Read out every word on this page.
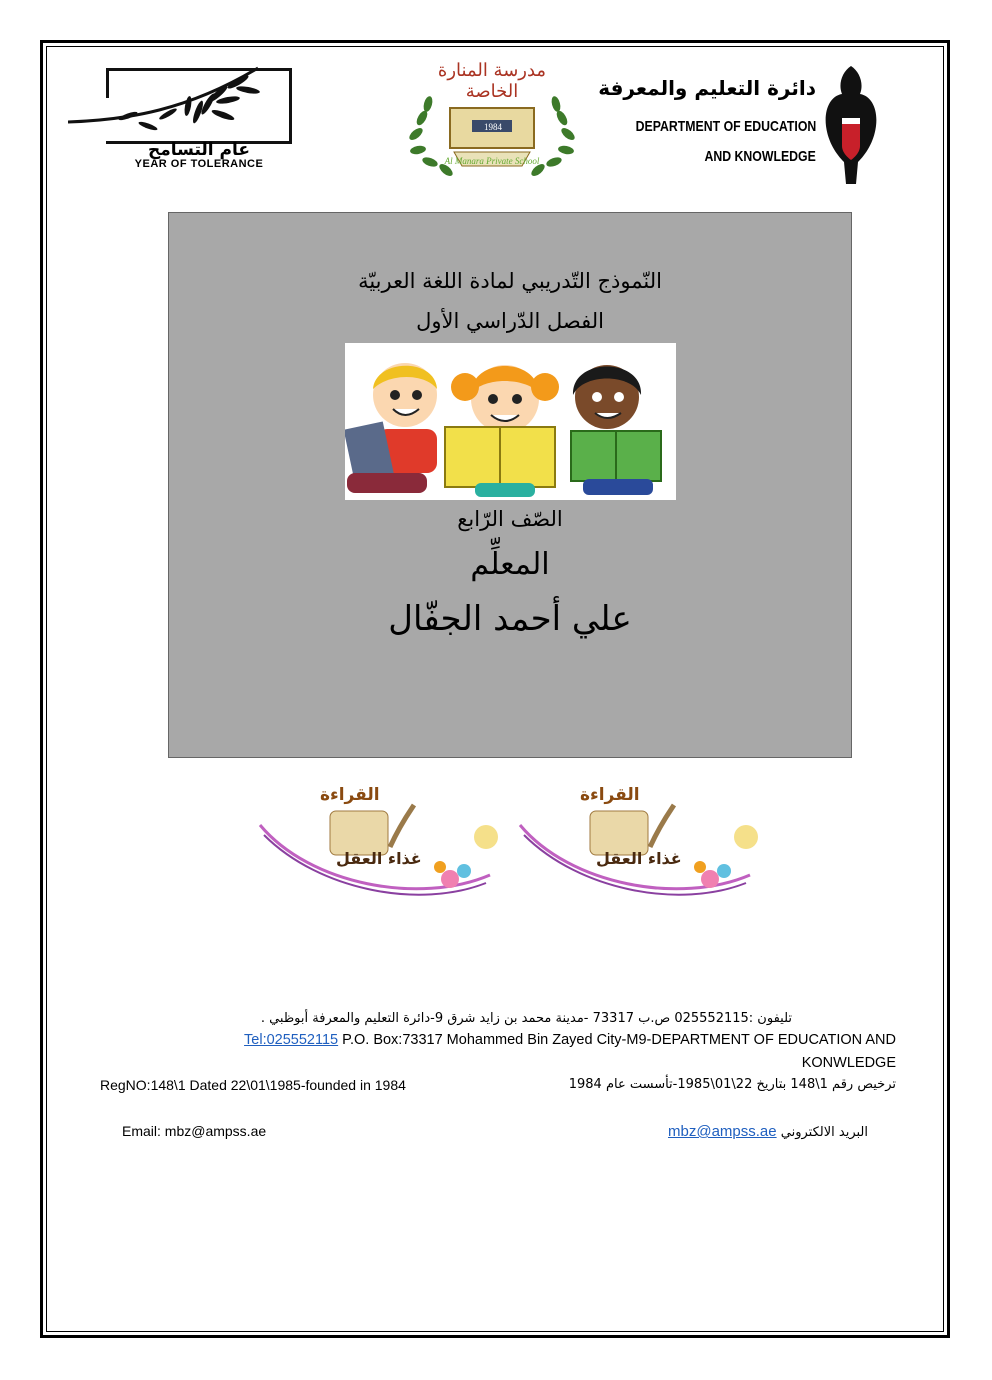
عام التسامح
YEAR OF TOLERANCE
مدرسة المنارة الخاصة
1984
Al Manara Private School
دائرة التعليم والمعرفة
DEPARTMENT OF EDUCATION
AND KNOWLEDGE
النّموذج التّدريبي لمادة اللغة العربيّة
الفصل الدّراسي الأول
الصّف الرّابع
المعلِّم
علي أحمد الجفّال
القراءة
غذاء العقل
القراءة
غذاء العقل
تليفون :025552115 ص.ب 73317 -مدينة محمد بن زايد شرق 9-دائرة التعليم والمعرفة أبوظبي .
Tel:025552115 P.O. Box:73317 Mohammed Bin Zayed City-M9-DEPARTMENT OF EDUCATION AND
KONWLEDGE
ترخيص رقم 1\148 بتاريخ 22\01\1985-تأسست عام 1984
RegNO:148\1 Dated 22\01\1985-founded in 1984
البريد الالكتروني mbz@ampss.ae
Email: mbz@ampss.ae
